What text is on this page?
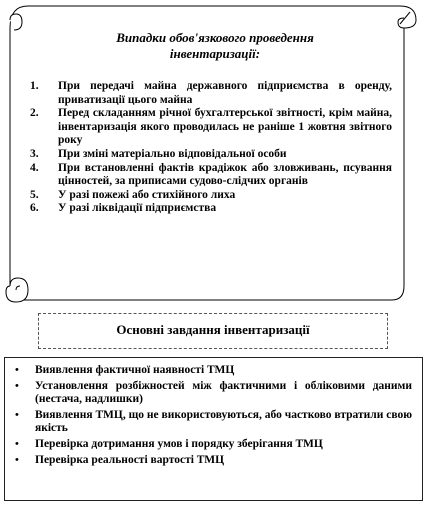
Випадки обов'язкового проведення
інвентаризації:
1. При передачі майна державного підприємства в оренду, приватизації цього майна
2. Перед складанням річної бухгалтерської звітності, крім майна, інвентаризація якого проводилась не раніше 1 жовтня звітного року
3. При зміні матеріально відповідальної особи
4. При встановленні фактів крадіжок або зловживань, псування цінностей, за приписами судово-слідчих органів
5. У разі пожежі або стихійного лиха
6. У разі ліквідації підприємства
Основні завдання інвентаризації
• Виявлення фактичної наявності ТМЦ
• Установлення розбіжностей між фактичними і обліковими даними (нестача, надлишки)
• Виявлення ТМЦ, що не використовуються, або частково втратили свою якість
• Перевірка дотримання умов і порядку зберігання ТМЦ
• Перевірка реальності вартості ТМЦ
